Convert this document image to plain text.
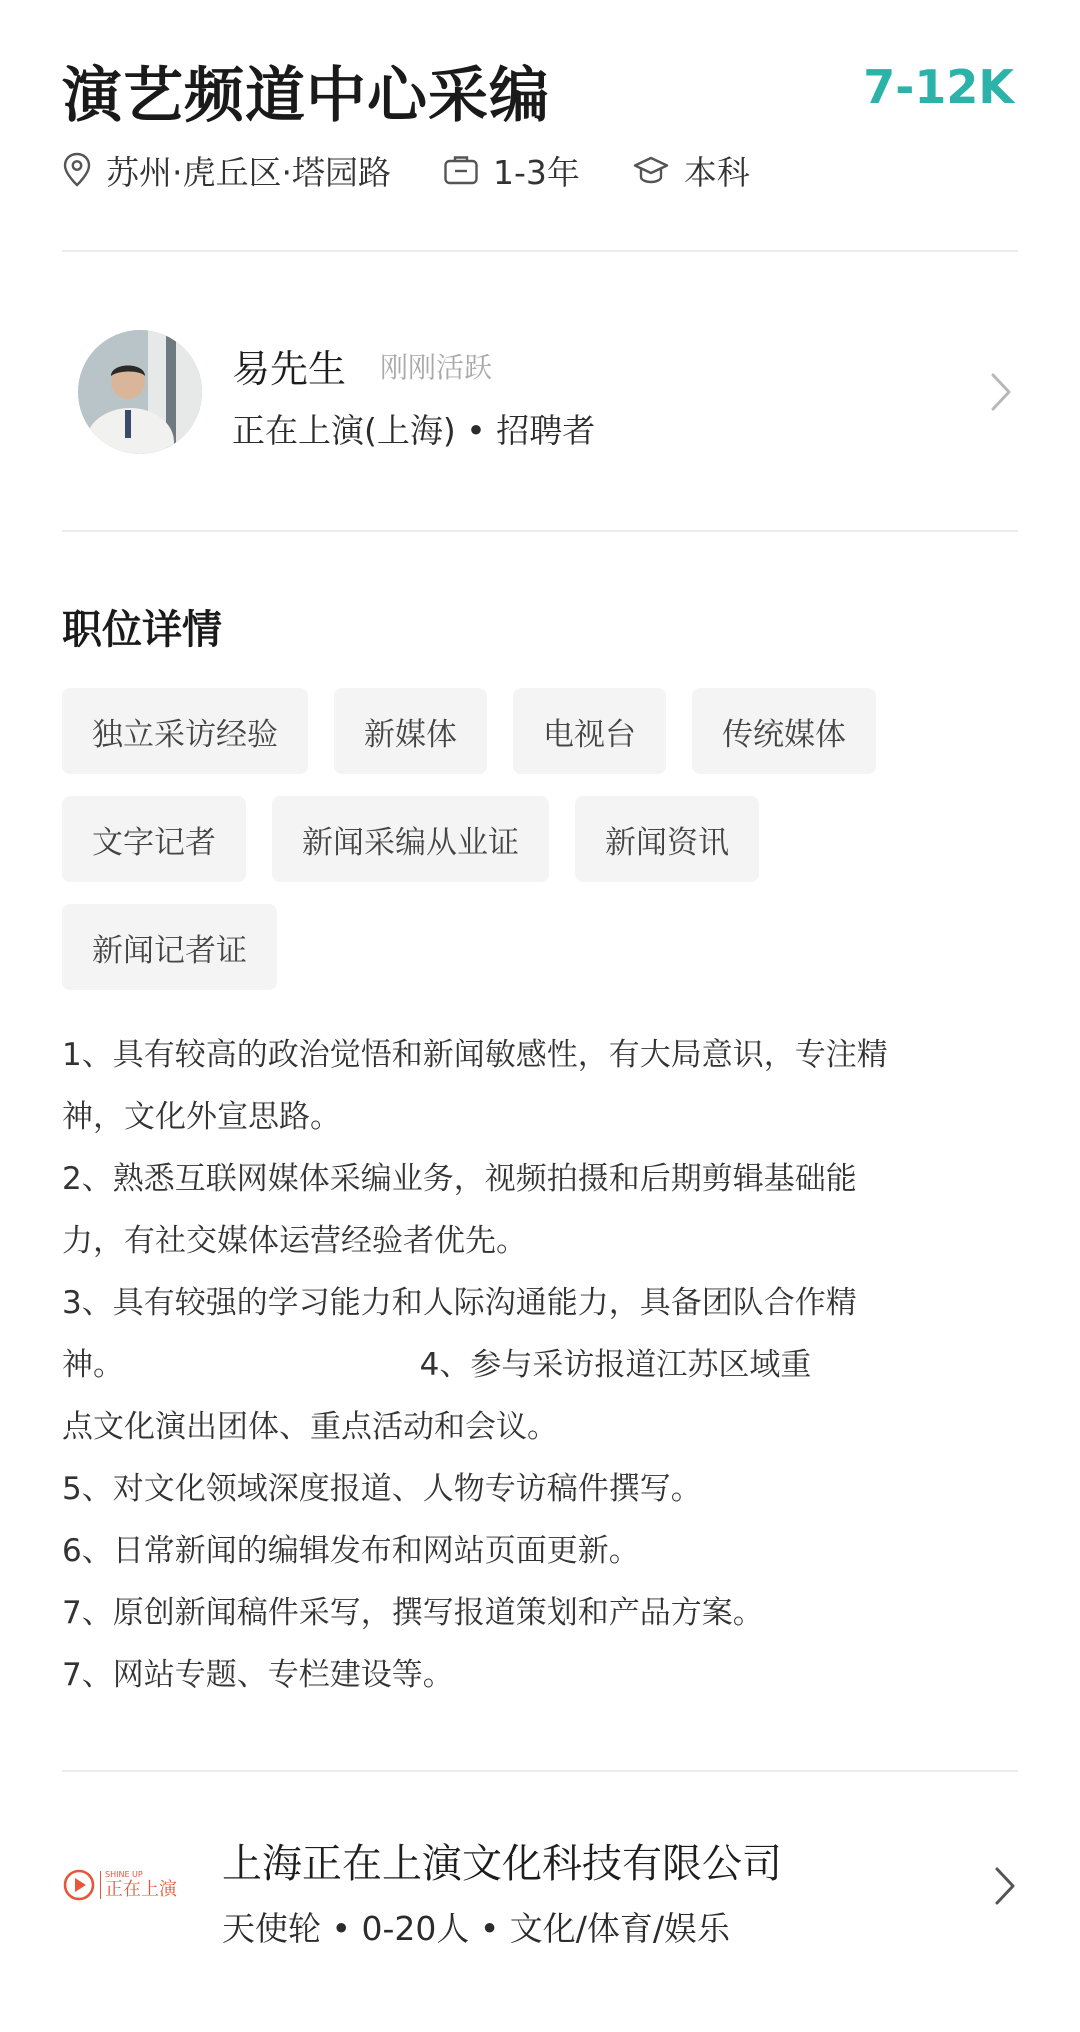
演艺频道中心采编	7-12K
苏州·虎丘区·塔园路	1-3年	本科
易先生 刚刚活跃
正在上演(上海) • 招聘者
职位详情
独立采访经验	新媒体	电视台	传统媒体
文字记者	新闻采编从业证	新闻资讯
新闻记者证
1、具有较高的政治觉悟和新闻敏感性，有大局意识，专注精
神，文化外宣思路。
2、熟悉互联网媒体采编业务，视频拍摄和后期剪辑基础能
力，有社交媒体运营经验者优先。
3、具有较强的学习能力和人际沟通能力，具备团队合作精
神。                              4、参与采访报道江苏区域重
点文化演出团体、重点活动和会议。
5、对文化领域深度报道、人物专访稿件撰写。
6、日常新闻的编辑发布和网站页面更新。
7、原创新闻稿件采写，撰写报道策划和产品方案。
7、网站专题、专栏建设等。
SHINE UP
正在上演
上海正在上演文化科技有限公司
天使轮 • 0-20人 • 文化/体育/娱乐
